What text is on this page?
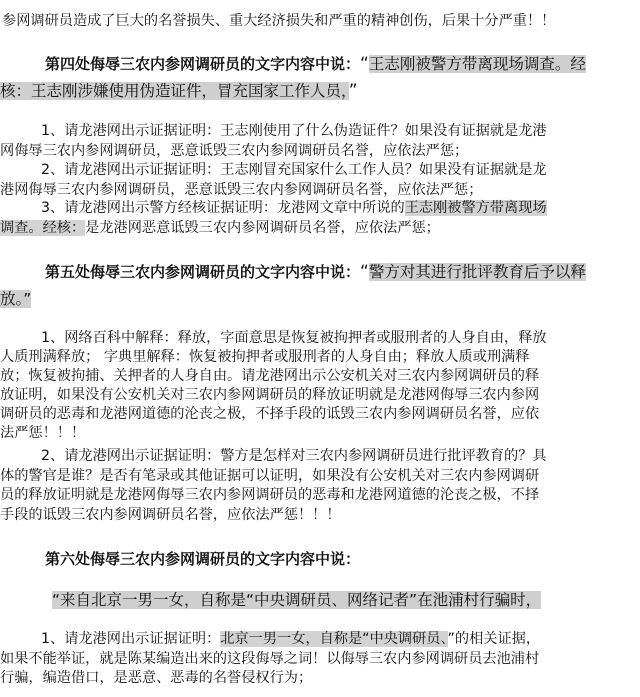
参网调研员造成了巨大的名誉损失、重大经济损失和严重的精神创伤，后果十分严重！！
第四处侮辱三农内参网调研员的文字内容中说：“王志刚被警方带离现场调查。经
核：王志刚涉嫌使用伪造证件，冒充国家工作人员，”
1、请龙港网出示证据证明：王志刚使用了什么伪造证件？如果没有证据就是龙港
网侮辱三农内参网调研员，恶意诋毁三农内参网调研员名誉，应依法严惩；
2、请龙港网出示证据证明：王志刚冒充国家什么工作人员？如果没有证据就是龙
港网侮辱三农内参网调研员，恶意诋毁三农内参网调研员名誉，应依法严惩；
3、请龙港网出示警方经核证据证明：龙港网文章中所说的王志刚被警方带离现场
调查。经核：是龙港网恶意诋毁三农内参网调研员名誉，应依法严惩；
第五处侮辱三农内参网调研员的文字内容中说：“警方对其进行批评教育后予以释
放。”
1、网络百科中解释：释放，字面意思是恢复被拘押者或服刑者的人身自由，释放
人质刑满释放； 字典里解释：恢复被拘押者或服刑者的人身自由；释放人质或刑满释
放；恢复被拘捕、关押者的人身自由。请龙港网出示公安机关对三农内参网调研员的释
放证明，如果没有公安机关对三农内参网调研员的释放证明就是龙港网侮辱三农内参网
调研员的恶毒和龙港网道德的沦丧之极，不择手段的诋毁三农内参网调研员名誉，应依
法严惩！！！
2、请龙港网出示证据证明：警方是怎样对三农内参网调研员进行批评教育的？具
体的警官是谁？是否有笔录或其他证据可以证明，如果没有公安机关对三农内参网调研
员的释放证明就是龙港网侮辱三农内参网调研员的恶毒和龙港网道德的沦丧之极，不择
手段的诋毁三农内参网调研员名誉，应依法严惩！！！
第六处侮辱三农内参网调研员的文字内容中说：
“来自北京一男一女，自称是“中央调研员、网络记者”在池浦村行骗时，
1、请龙港网出示证据证明：北京一男一女，自称是“中央调研员、”的相关证据，
如果不能举证，就是陈某编造出来的这段侮辱之词！以侮辱三农内参网调研员去池浦村
行骗，编造借口，是恶意、恶毒的名誉侵权行为；
